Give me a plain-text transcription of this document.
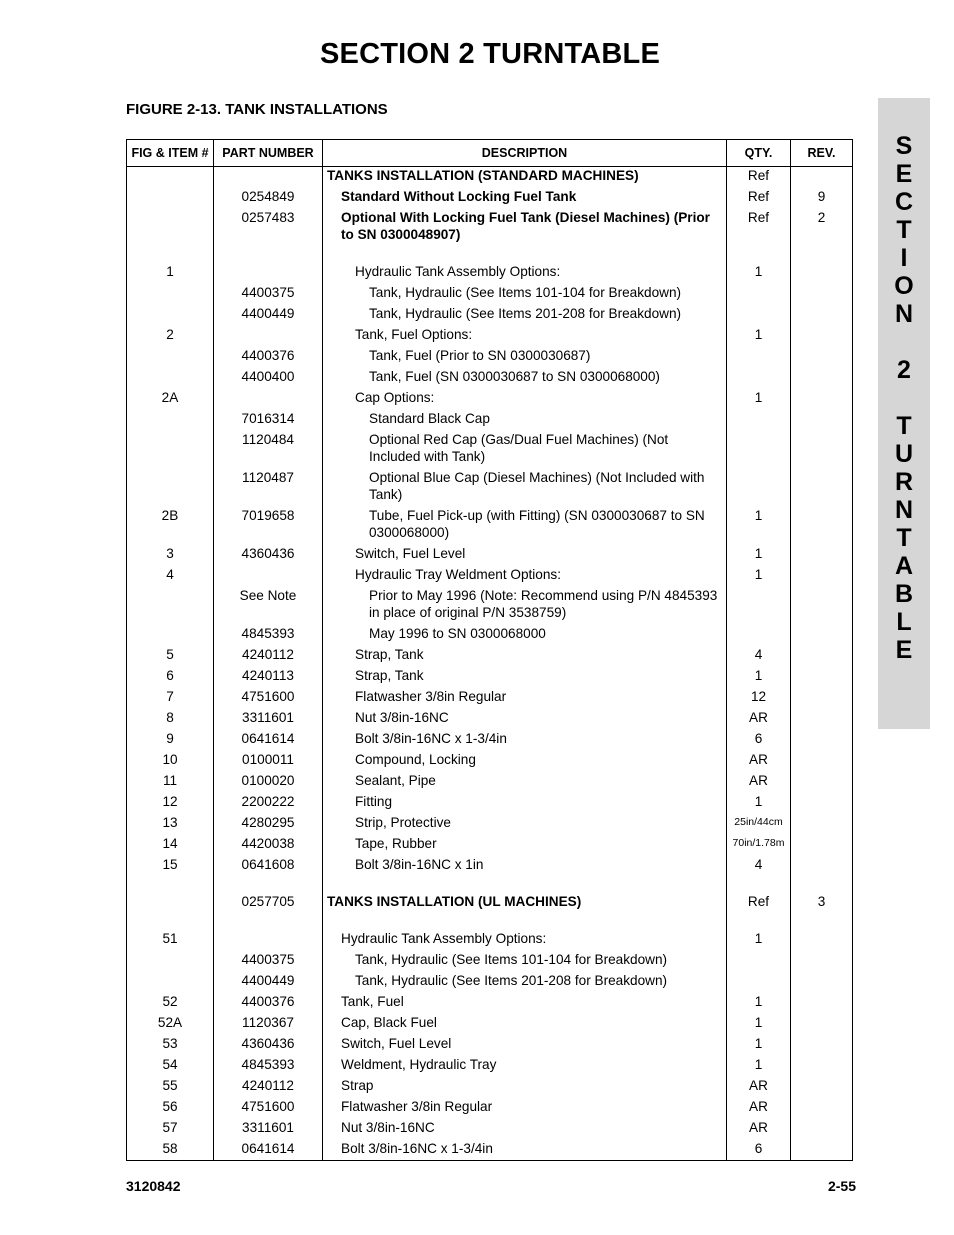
SECTION 2 TURNTABLE
FIGURE 2-13. TANK INSTALLATIONS
S
E
C
T
I
O
N
2
T
U
R
N
T
A
B
L
E
FIG & ITEM #	PART NUMBER	DESCRIPTION	QTY.	REV.
		TANKS INSTALLATION (STANDARD MACHINES)	Ref	
	0254849	Standard Without Locking Fuel Tank	Ref	9
	0257483	Optional With Locking Fuel Tank (Diesel Machines) (Prior to SN 0300048907)	Ref	2

1		Hydraulic Tank Assembly Options:	1	
	4400375	Tank, Hydraulic (See Items 101-104 for Breakdown)		
	4400449	Tank, Hydraulic (See Items 201-208 for Breakdown)		
2		Tank, Fuel Options:	1	
	4400376	Tank, Fuel (Prior to SN 0300030687)		
	4400400	Tank, Fuel (SN 0300030687 to SN 0300068000)		
2A		Cap Options:	1	
	7016314	Standard Black Cap		
	1120484	Optional Red Cap (Gas/Dual Fuel Machines) (Not Included with Tank)		
	1120487	Optional Blue Cap (Diesel Machines) (Not Included with Tank)		
2B	7019658	Tube, Fuel Pick-up (with Fitting) (SN 0300030687 to SN 0300068000)	1	
3	4360436	Switch, Fuel Level	1	
4		Hydraulic Tray Weldment Options:	1	
	See Note	Prior to May 1996 (Note: Recommend using P/N 4845393 in place of original P/N 3538759)		
	4845393	May 1996 to SN 0300068000		
5	4240112	Strap, Tank	4	
6	4240113	Strap, Tank	1	
7	4751600	Flatwasher 3/8in Regular	12	
8	3311601	Nut 3/8in-16NC	AR	
9	0641614	Bolt 3/8in-16NC x 1-3/4in	6	
10	0100011	Compound, Locking	AR	
11	0100020	Sealant, Pipe	AR	
12	2200222	Fitting	1	
13	4280295	Strip, Protective	25in/44cm	
14	4420038	Tape, Rubber	70in/1.78m	
15	0641608	Bolt 3/8in-16NC x 1in	4	

	0257705	TANKS INSTALLATION (UL MACHINES)	Ref	3

51		Hydraulic Tank Assembly Options:	1	
	4400375	Tank, Hydraulic (See Items 101-104 for Breakdown)		
	4400449	Tank, Hydraulic (See Items 201-208 for Breakdown)		
52	4400376	Tank, Fuel	1	
52A	1120367	Cap, Black Fuel	1	
53	4360436	Switch, Fuel Level	1	
54	4845393	Weldment, Hydraulic Tray	1	
55	4240112	Strap	AR	
56	4751600	Flatwasher 3/8in Regular	AR	
57	3311601	Nut 3/8in-16NC	AR	
58	0641614	Bolt 3/8in-16NC x 1-3/4in	6	
3120842	2-55
